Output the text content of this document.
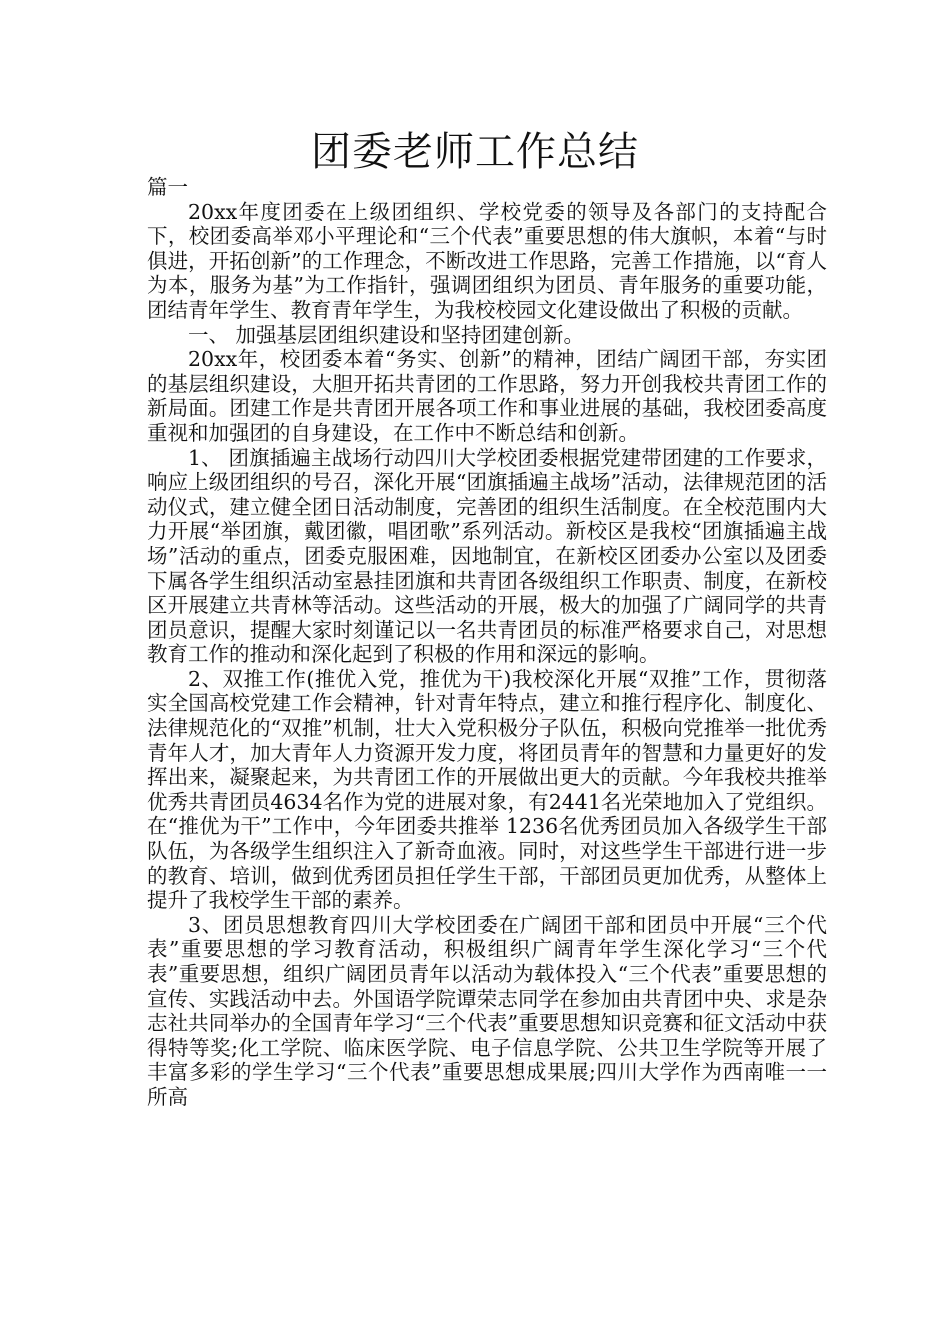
团委老师工作总结

篇一

20xx年度团委在上级团组织、学校党委的领导及各部门的支持配合下，校团委高举邓小平理论和“三个代表”重要思想的伟大旗帜，本着“与时俱进，开拓创新”的工作理念，不断改进工作思路，完善工作措施，以“育人为本，服务为基”为工作指针，强调团组织为团员、青年服务的重要功能，团结青年学生、教育青年学生，为我校校园文化建设做出了积极的贡献。

一、 加强基层团组织建设和坚持团建创新。

20xx年，校团委本着“务实、创新”的精神，团结广阔团干部，夯实团的基层组织建设，大胆开拓共青团的工作思路，努力开创我校共青团工作的新局面。团建工作是共青团开展各项工作和事业进展的基础，我校团委高度重视和加强团的自身建设，在工作中不断总结和创新。

1、 团旗插遍主战场行动四川大学校团委根据党建带团建的工作要求，响应上级团组织的号召，深化开展“团旗插遍主战场”活动，法律规范团的活动仪式，建立健全团日活动制度，完善团的组织生活制度。在全校范围内大力开展“举团旗，戴团徽，唱团歌”系列活动。新校区是我校“团旗插遍主战场”活动的重点，团委克服困难，因地制宜，在新校区团委办公室以及团委下属各学生组织活动室悬挂团旗和共青团各级组织工作职责、制度，在新校区开展建立共青林等活动。这些活动的开展，极大的加强了广阔同学的共青团员意识，提醒大家时刻谨记以一名共青团员的标准严格要求自己，对思想教育工作的推动和深化起到了积极的作用和深远的影响。

2、双推工作(推优入党，推优为干)我校深化开展“双推”工作，贯彻落实全国高校党建工作会精神，针对青年特点，建立和推行程序化、制度化、法律规范化的“双推”机制，壮大入党积极分子队伍，积极向党推举一批优秀青年人才，加大青年人力资源开发力度，将团员青年的智慧和力量更好的发挥出来，凝聚起来，为共青团工作的开展做出更大的贡献。今年我校共推举优秀共青团员4634名作为党的进展对象，有2441名光荣地加入了党组织。在“推优为干”工作中，今年团委共推举 1236名优秀团员加入各级学生干部队伍，为各级学生组织注入了新奇血液。同时，对这些学生干部进行进一步的教育、培训，做到优秀团员担任学生干部，干部团员更加优秀，从整体上提升了我校学生干部的素养。

3、团员思想教育四川大学校团委在广阔团干部和团员中开展“三个代表”重要思想的学习教育活动，积极组织广阔青年学生深化学习“三个代表”重要思想，组织广阔团员青年以活动为载体投入“三个代表”重要思想的宣传、实践活动中去。外国语学院谭荣志同学在参加由共青团中央、求是杂志社共同举办的全国青年学习“三个代表”重要思想知识竞赛和征文活动中获得特等奖;化工学院、临床医学院、电子信息学院、公共卫生学院等开展了丰富多彩的学生学习“三个代表”重要思想成果展;四川大学作为西南唯一一所高
